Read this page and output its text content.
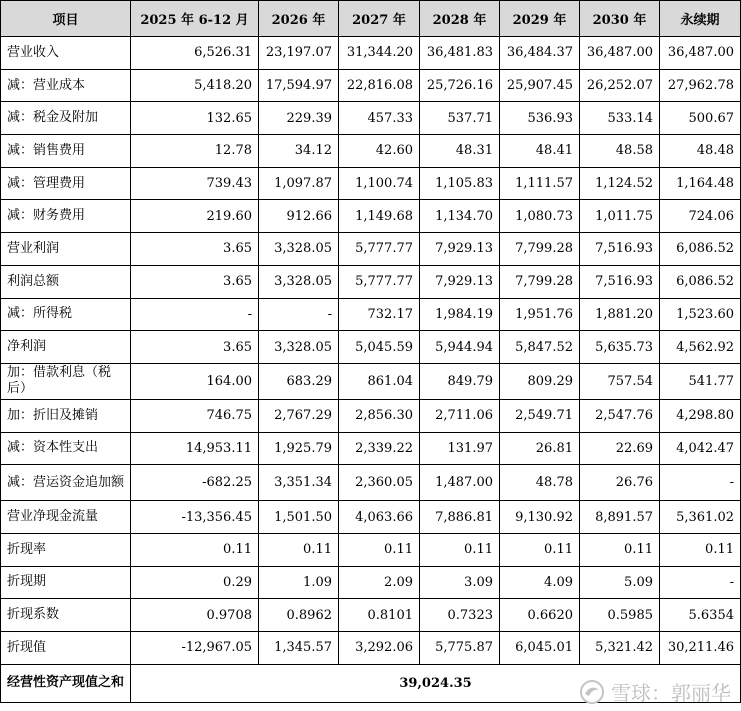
项目	2025 年 6-12 月	2026 年	2027 年	2028 年	2029 年	2030 年	永续期
营业收入	6,526.31	23,197.07	31,344.20	36,481.83	36,484.37	36,487.00	36,487.00
减：营业成本	5,418.20	17,594.97	22,816.08	25,726.16	25,907.45	26,252.07	27,962.78
减：税金及附加	132.65	229.39	457.33	537.71	536.93	533.14	500.67
减：销售费用	12.78	34.12	42.60	48.31	48.41	48.58	48.48
减：管理费用	739.43	1,097.87	1,100.74	1,105.83	1,111.57	1,124.52	1,164.48
减：财务费用	219.60	912.66	1,149.68	1,134.70	1,080.73	1,011.75	724.06
营业利润	3.65	3,328.05	5,777.77	7,929.13	7,799.28	7,516.93	6,086.52
利润总额	3.65	3,328.05	5,777.77	7,929.13	7,799.28	7,516.93	6,086.52
减：所得税	-	-	732.17	1,984.19	1,951.76	1,881.20	1,523.60
净利润	3.65	3,328.05	5,045.59	5,944.94	5,847.52	5,635.73	4,562.92
加：借款利息（税后）	164.00	683.29	861.04	849.79	809.29	757.54	541.77
加：折旧及摊销	746.75	2,767.29	2,856.30	2,711.06	2,549.71	2,547.76	4,298.80
减：资本性支出	14,953.11	1,925.79	2,339.22	131.97	26.81	22.69	4,042.47
减：营运资金追加额	-682.25	3,351.34	2,360.05	1,487.00	48.78	26.76	-
营业净现金流量	-13,356.45	1,501.50	4,063.66	7,886.81	9,130.92	8,891.57	5,361.02
折现率	0.11	0.11	0.11	0.11	0.11	0.11	0.11
折现期	0.29	1.09	2.09	3.09	4.09	5.09	-
折现系数	0.9708	0.8962	0.8101	0.7323	0.6620	0.5985	5.6354
折现值	-12,967.05	1,345.57	3,292.06	5,775.87	6,045.01	5,321.42	30,211.46
经营性资产现值之和	39,024.35							雪球：郭丽华
